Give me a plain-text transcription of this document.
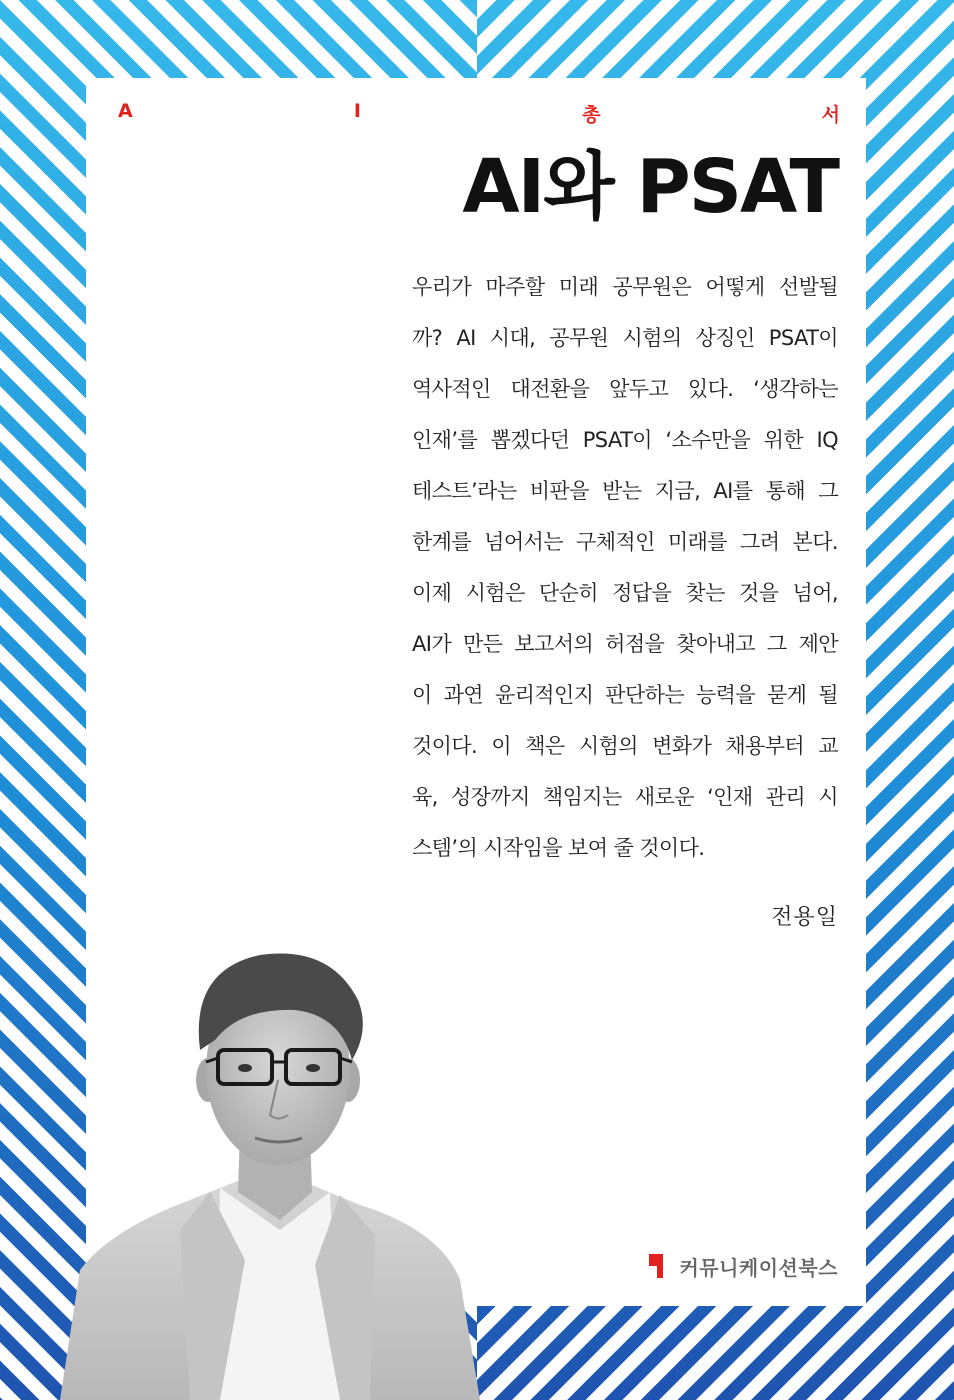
A	I	총	서
AI와 PSAT

우리가 마주할 미래 공무원은 어떻게 선발될
까? AI 시대, 공무원 시험의 상징인 PSAT이
역사적인 대전환을 앞두고 있다. ‘생각하는
인재’를 뽑겠다던 PSAT이 ‘소수만을 위한 IQ
테스트’라는 비판을 받는 지금, AI를 통해 그
한계를 넘어서는 구체적인 미래를 그려 본다.
이제 시험은 단순히 정답을 찾는 것을 넘어,
AI가 만든 보고서의 허점을 찾아내고 그 제안
이 과연 윤리적인지 판단하는 능력을 묻게 될
것이다. 이 책은 시험의 변화가 채용부터 교
육, 성장까지 책임지는 새로운 ‘인재 관리 시
스템’의 시작임을 보여 줄 것이다.

전용일
커뮤니케이션북스
